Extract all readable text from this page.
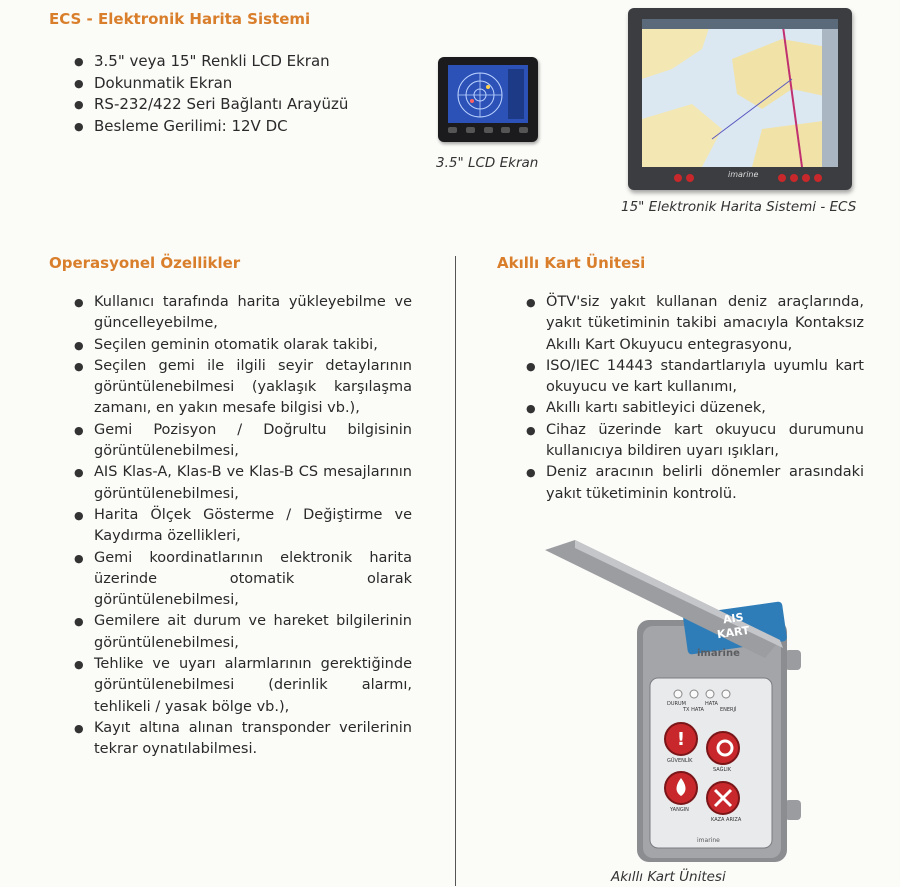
ECS - Elektronik Harita Sistemi
● 3.5" veya 15" Renkli LCD Ekran
● Dokunmatik Ekran
● RS-232/422 Seri Bağlantı Arayüzü
● Besleme Gerilimi: 12V DC
3.5" LCD Ekran
imarine
15" Elektronik Harita Sistemi - ECS
Operasyonel Özellikler
● Kullanıcı tarafında harita yükleyebilme ve güncelleyebilme,
● Seçilen geminin otomatik olarak takibi,
● Seçilen gemi ile ilgili seyir detaylarının görüntülenebilmesi (yaklaşık karşılaşma zamanı, en yakın mesafe bilgisi vb.),
● Gemi Pozisyon / Doğrultu bilgisinin görüntülenebilmesi,
● AIS Klas-A, Klas-B ve Klas-B CS mesajlarının görüntülenebilmesi,
● Harita Ölçek Gösterme / Değiştirme ve Kaydırma özellikleri,
● Gemi koordinatlarının elektronik harita üzerinde otomatik olarak görüntülenebilmesi,
● Gemilere ait durum ve hareket bilgilerinin görüntülenebilmesi,
● Tehlike ve uyarı alarmlarının gerektiğinde görüntülenebilmesi (derinlik alarmı, tehlikeli / yasak bölge vb.),
● Kayıt altına alınan transponder verilerinin tekrar oynatılabilmesi.
Akıllı Kart Ünitesi
● ÖTV'siz yakıt kullanan deniz araçlarında, yakıt tüketiminin takibi amacıyla Kontaksız Akıllı Kart Okuyucu entegrasyonu,
● ISO/IEC 14443 standartlarıyla uyumlu kart okuyucu ve kart kullanımı,
● Akıllı kartı sabitleyici düzenek,
● Cihaz üzerinde kart okuyucu durumunu kullanıcıya bildiren uyarı ışıkları,
● Deniz aracının belirli dönemler arasındaki yakıt tüketiminin kontrolü.
!
AIS
KART
imarine
DURUM
TX HATA
HATA
ENERJİ
GÜVENLİK
SAĞLIK
YANGIN
KAZA ARIZA
imarine
Akıllı Kart Ünitesi
